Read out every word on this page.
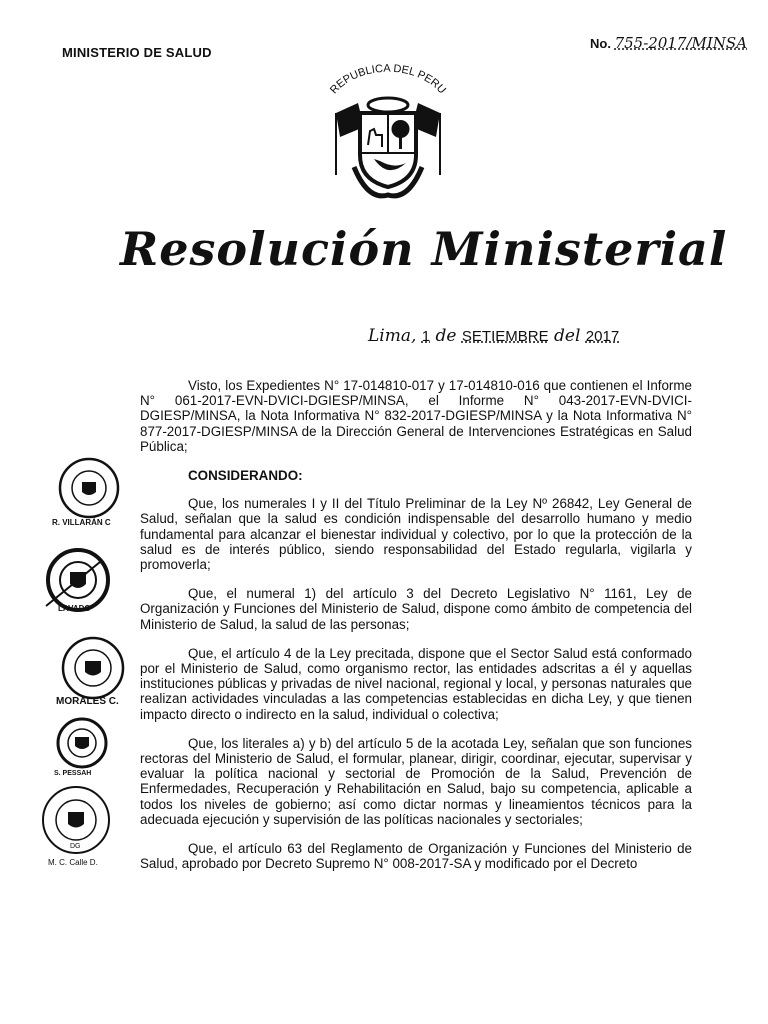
MINISTERIO DE SALUD
No. 755-2017/MINSA
REPUBLICA DEL PERU
Resolución Ministerial
Lima, 1 de SETIEMBRE del 2017

Visto, los Expedientes N° 17-014810-017 y 17-014810-016 que contienen el Informe N° 061-2017-EVN-DVICI-DGIESP/MINSA, el Informe N° 043-2017-EVN-DVICI-DGIESP/MINSA, la Nota Informativa N° 832-2017-DGIESP/MINSA y la Nota Informativa N° 877-2017-DGIESP/MINSA de la Dirección General de Intervenciones Estratégicas en Salud Pública;

CONSIDERANDO:

Que, los numerales I y II del Título Preliminar de la Ley Nº 26842, Ley General de Salud, señalan que la salud es condición indispensable del desarrollo humano y medio fundamental para alcanzar el bienestar individual y colectivo, por lo que la protección de la salud es de interés público, siendo responsabilidad del Estado regularla, vigilarla y promoverla;

Que, el numeral 1) del artículo 3 del Decreto Legislativo N° 1161, Ley de Organización y Funciones del Ministerio de Salud, dispone como ámbito de competencia del Ministerio de Salud, la salud de las personas;

Que, el artículo 4 de la Ley precitada, dispone que el Sector Salud está conformado por el Ministerio de Salud, como organismo rector, las entidades adscritas a él y aquellas instituciones públicas y privadas de nivel nacional, regional y local, y personas naturales que realizan actividades vinculadas a las competencias establecidas en dicha Ley, y que tienen impacto directo o indirecto en la salud, individual o colectiva;

Que, los literales a) y b) del artículo 5 de la acotada Ley, señalan que son funciones rectoras del Ministerio de Salud, el formular, planear, dirigir, coordinar, ejecutar, supervisar y evaluar la política nacional y sectorial de Promoción de la Salud, Prevención de Enfermedades, Recuperación y Rehabilitación en Salud, bajo su competencia, aplicable a todos los niveles de gobierno; así como dictar normas y lineamientos técnicos para la adecuada ejecución y supervisión de las políticas nacionales y sectoriales;

Que, el artículo 63 del Reglamento de Organización y Funciones del Ministerio de Salud, aprobado por Decreto Supremo N° 008-2017-SA y modificado por el Decreto

R. VILLARÁN C
LAVADO
MORALES C.
S. PESSAH
DG
M. C. Calle D.
